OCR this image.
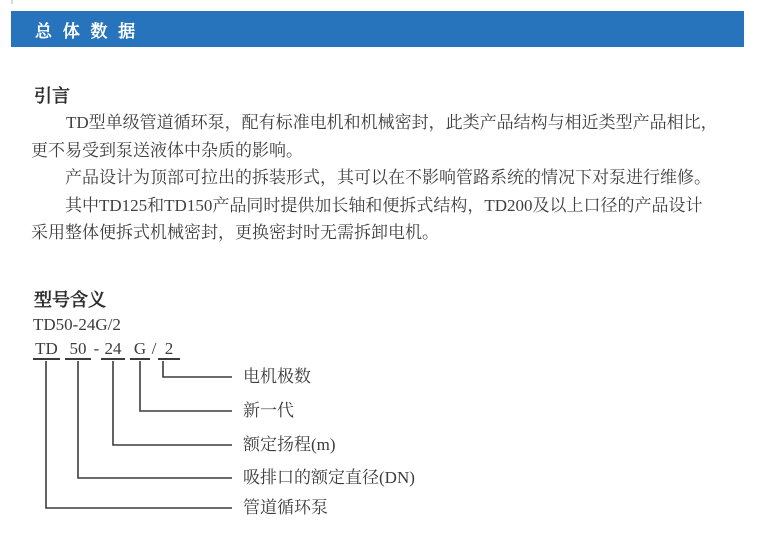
总 体 数 据
引言
TD型单级管道循环泵，配有标准电机和机械密封，此类产品结构与相近类型产品相比，
更不易受到泵送液体中杂质的影响。
产品设计为顶部可拉出的拆装形式，其可以在不影响管路系统的情况下对泵进行维修。
其中TD125和TD150产品同时提供加长轴和便拆式结构，TD200及以上口径的产品设计
采用整体便拆式机械密封，更换密封时无需拆卸电机。
型号含义
TD50-24G/2
TD 50 - 24 G / 2
电机极数
新一代
额定扬程(m)
吸排口的额定直径(DN)
管道循环泵
